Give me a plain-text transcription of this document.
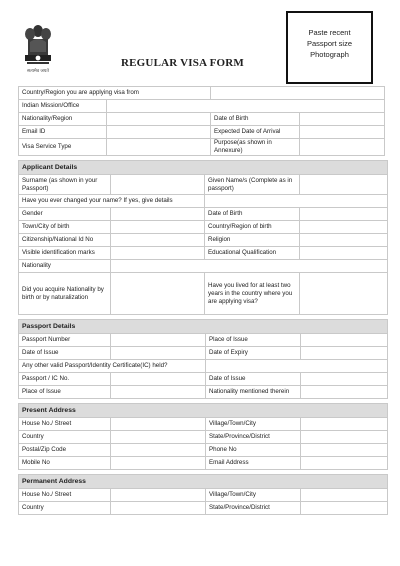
सत्यमेव जयते
REGULAR VISA FORM
Paste recent
Passport size
Photograph
Country/Region you are applying visa from			
Indian Mission/Office			
Nationality/Region		Date of Birth	
Email ID		Expected Date of Arrival	
Visa Service Type		Purpose(as shown in Annexure)	
Applicant Details			
Surname (as shown in your Passport)		Given Name/s (Complete as in passport)	
Have you ever changed your name? If yes, give details			
Gender		Date of Birth	
Town/City of birth		Country/Region of birth	
Citizenship/National Id No		Religion	
Visible identification marks		Educational Qualification	
Nationality			
Did you acquire Nationality by birth or by naturalization		Have you lived for at least two years in the country where you are applying visa?	
Passport Details			
Passport Number		Place of Issue	
Date of Issue		Date of Expiry	
Any other valid Passport/Identity Certificate(IC) held?			
Passport / IC No.		Date of Issue	
Place of Issue		Nationality mentioned therein	
Present Address			
House No./ Street		Village/Town/City	
Country		State/Province/District	
Postal/Zip Code		Phone No	
Mobile No		Email Address	
Permanent Address			
House No./ Street		Village/Town/City	
Country		State/Province/District	
